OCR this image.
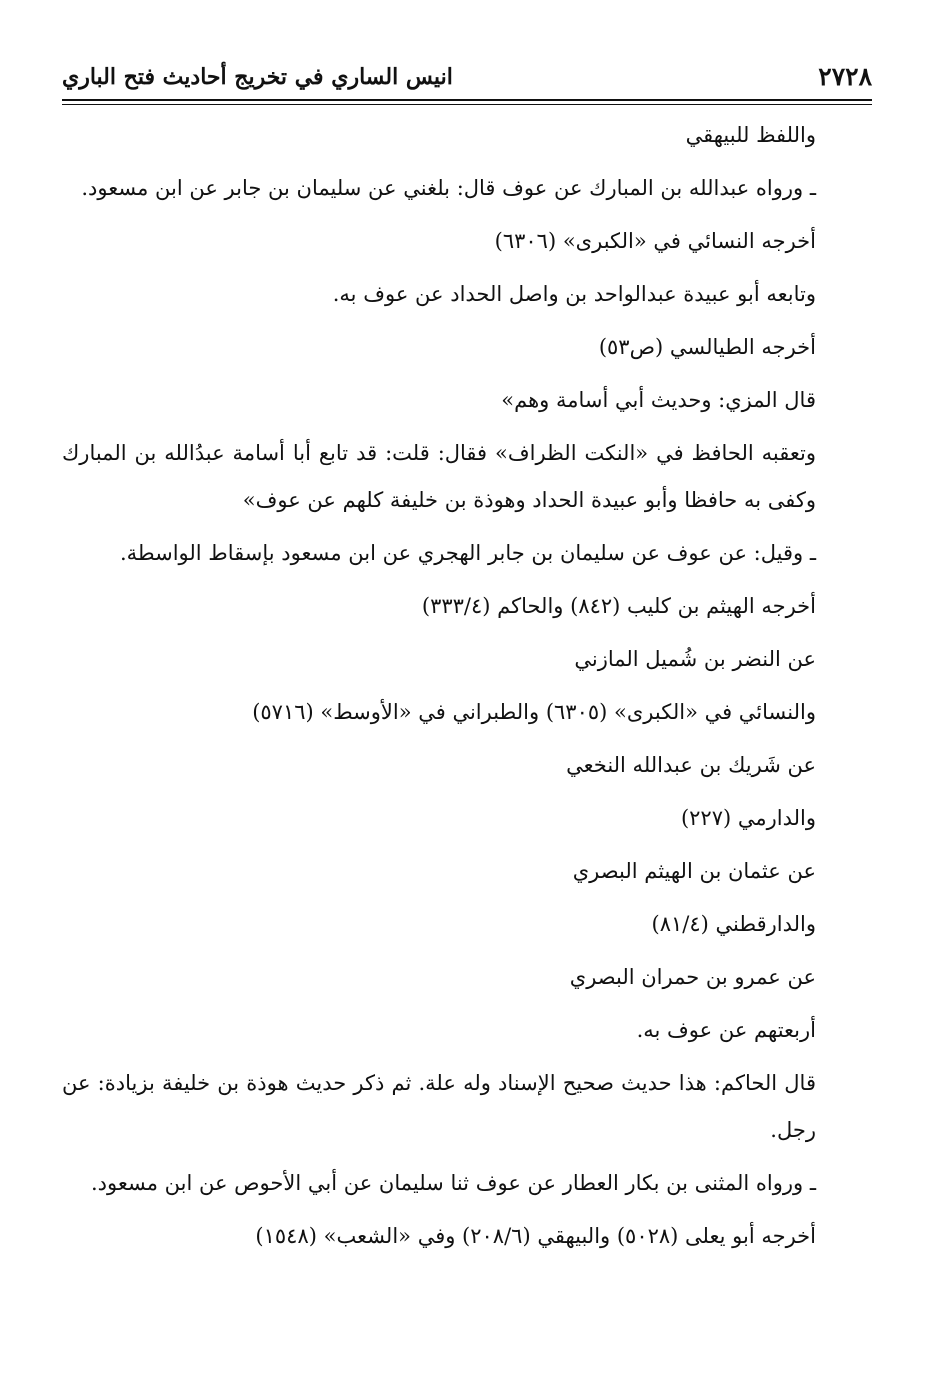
٢٧٢٨
انيس الساري في تخريج أحاديث فتح الباري

واللفظ للبيهقي

ـ ورواه عبدالله بن المبارك عن عوف قال: بلغني عن سليمان بن جابر عن ابن مسعود.

أخرجه النسائي في «الكبرى» (٦٣٠٦)

وتابعه أبو عبيدة عبدالواحد بن واصل الحداد عن عوف به.

أخرجه الطيالسي (ص٥٣)

قال المزي: وحديث أبي أسامة وهم»

وتعقبه الحافظ في «النكت الظراف» فقال: قلت: قد تابع أبا أسامة عبدُالله بن المبارك وكفى به حافظا وأبو عبيدة الحداد وهوذة بن خليفة كلهم عن عوف»

ـ وقيل: عن عوف عن سليمان بن جابر الهجري عن ابن مسعود بإسقاط الواسطة.

أخرجه الهيثم بن كليب (٨٤٢) والحاكم (٣٣٣/٤)

عن النضر بن شُميل المازني

والنسائي في «الكبرى» (٦٣٠٥) والطبراني في «الأوسط» (٥٧١٦)

عن شَريك بن عبدالله النخعي

والدارمي (٢٢٧)

عن عثمان بن الهيثم البصري

والدارقطني (٨١/٤)

عن عمرو بن حمران البصري

أربعتهم عن عوف به.

قال الحاكم: هذا حديث صحيح الإسناد وله علة. ثم ذكر حديث هوذة بن خليفة بزيادة: عن رجل.

ـ ورواه المثنى بن بكار العطار عن عوف ثنا سليمان عن أبي الأحوص عن ابن مسعود.

أخرجه أبو يعلى (٥٠٢٨) والبيهقي (٢٠٨/٦) وفي «الشعب» (١٥٤٨)
